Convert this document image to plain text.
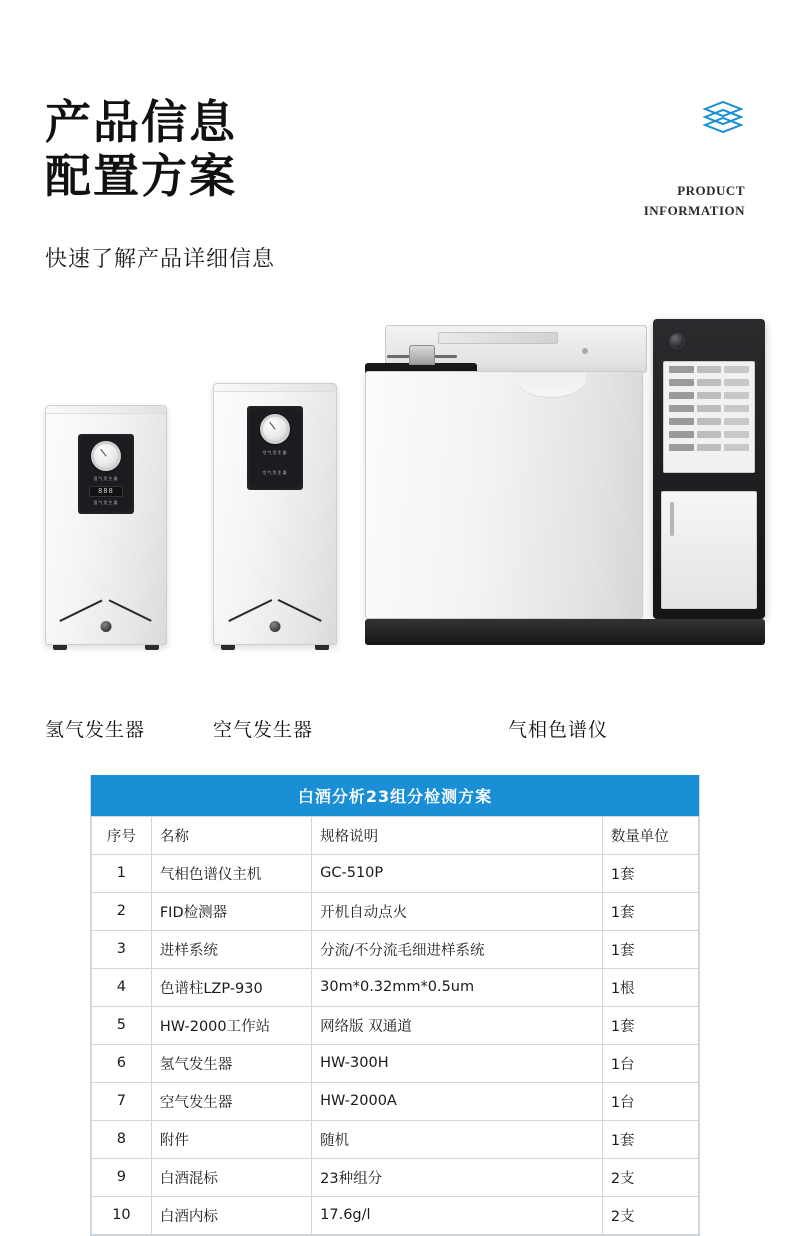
产品信息
配置方案
快速了解产品详细信息
PRODUCT
INFORMATION
氢气发生器
888
氢气发生器
空气发生器
空气发生器
氢气发生器	空气发生器	气相色谱仪
白酒分析23组分检测方案
序号	名称	规格说明	数量单位
1	气相色谱仪主机	GC-510P	1套
2	FID检测器	开机自动点火	1套
3	进样系统	分流/不分流毛细进样系统	1套
4	色谱柱LZP-930	30m*0.32mm*0.5um	1根
5	HW-2000工作站	网络版 双通道	1套
6	氢气发生器	HW-300H	1台
7	空气发生器	HW-2000A	1台
8	附件	随机	1套
9	白酒混标	23种组分	2支
10	白酒内标	17.6g/l	2支
